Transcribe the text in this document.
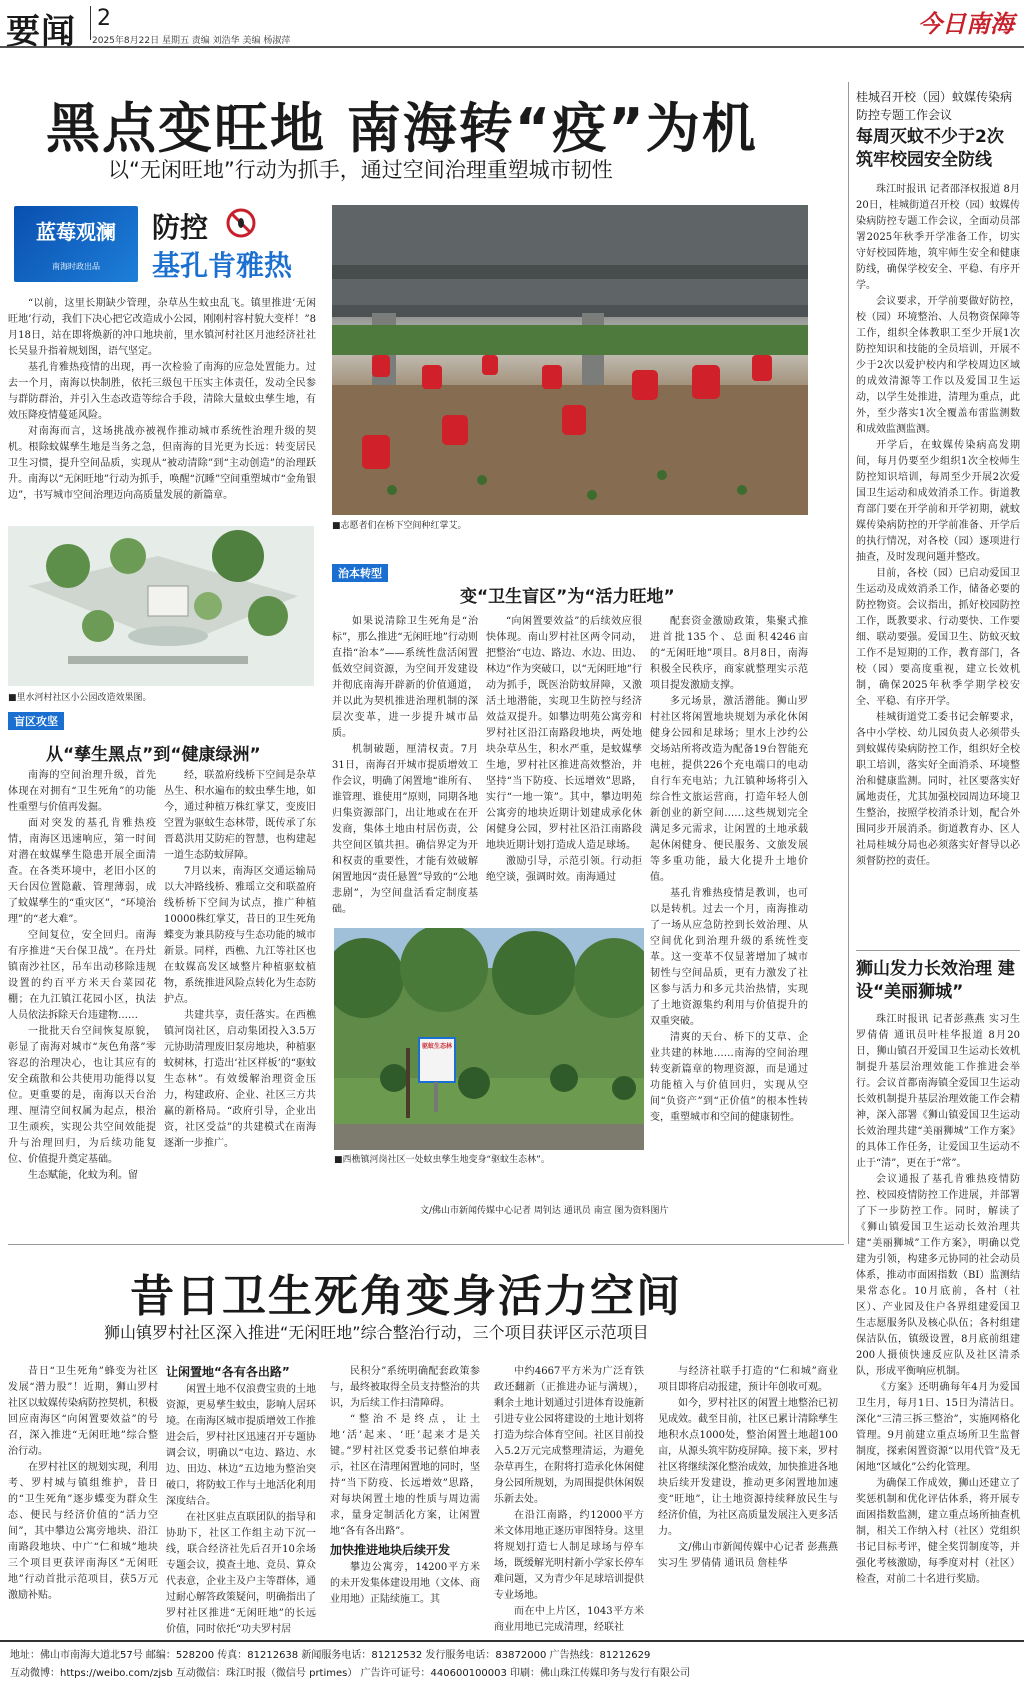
要闻 2
2025年8月22日 星期五 责编 刘浩华 美编 杨淑萍
今日南海
黑点变旺地 南海转“疫”为机
以“无闲旺地”行动为抓手，通过空间治理重塑城市韧性
蓝莓观澜
南海时政出品
防控
基孔肯雅热

“以前，这里长期缺少管理，杂草丛生蚊虫乱飞。镇里推进‘无闲旺地’行动，我们下决心把它改造成小公园，刚刚村容村貌大变样！”8月18日，站在即将焕新的冲口地块前，里水镇河村社区月池经济社社长吴显升指着规划图，语气坚定。

基孔肯雅热疫情的出现，再一次检验了南海的应急处置能力。过去一个月，南海以快制胜，依托三级包干压实主体责任，发动全民参与群防群治，并引入生态改造等综合手段，清除大量蚊虫孳生地，有效压降疫情蔓延风险。

对南海而言，这场挑战亦被视作推动城市系统性治理升级的契机。根除蚊媒孳生地是当务之急，但南海的目光更为长远：转变居民卫生习惯，提升空间品质，实现从“被动清除”到“主动创造”的治理跃升。南海以“无闲旺地”行动为抓手，唤醒“沉睡”空间重塑城市“金角银边”，书写城市空间治理迈向高质量发展的新篇章。

■志愿者们在桥下空间种红掌艾。
■里水河村社区小公园改造效果图。
盲区攻坚
从“孳生黑点”到“健康绿洲”

南海的空间治理升级，首先体现在对拥有“卫生死角”的功能性重塑与价值再发掘。

面对突发的基孔肯雅热疫情，南海区迅速响应，第一时间对潜在蚊媒孳生隐患开展全面清查。在各类环境中，老旧小区的天台因位置隐蔽、管理薄弱，成了蚊媒孳生的“重灾区”，“环境治理”的“老大难”。

空间复位，安全回归。南海有序推进“天台保卫战”。在丹灶镇南沙社区，吊车出动移除违规设置的约百平方米天台菜园花棚；在九江镇江花园小区，执法人员依法拆除天台违建物……

一批批天台空间恢复原貌，彰显了南海对城市“灰色角落”零容忍的治理决心，也让其应有的安全疏散和公共使用功能得以复位。更重要的是，南海以天台治理、厘清空间权属为起点，根治卫生顽疾，实现公共空间效能提升与治理回归，为后续功能复位、价值提升奠定基础。

生态赋能，化蚊为利。留

经，联盈府线桥下空间是杂草丛生、积水遍布的蚊虫孳生地，如今，通过种植万株红掌艾，变废旧空置为驱蚊生态林带，既传承了东晋葛洪用艾防疟的智慧，也构建起一道生态防蚊屏障。

7月以来，南海区交通运输局以大冲路线桥、雅瑶立交和联盈府线桥桥下空间为试点，推广种植10000株红掌艾，昔日的卫生死角蝶变为兼具防疫与生态功能的城市新景。同样，西樵、九江等社区也在蚊媒高发区域整片种植驱蚊植物，系统推进风险点转化为生态防护点。

共建共享，责任落实。在西樵镇河岗社区，启动集团投入3.5万元协助清理废旧泵房地块，种植驱蚊树林，打造出‘社区样板’的“驱蚊生态林”。有效缓解治理资金压力，构建政府、企业、社区三方共赢的新格局。“政府引导，企业出资，社区受益”的共建模式在南海逐渐一步推广。

治本转型
变“卫生盲区”为“活力旺地”

如果说清除卫生死角是“治标”，那么推进“无闲旺地”行动则直指“治本”——系统性盘活闲置低效空间资源，为空间开发建设并彻底南海开辟新的价值通道，并以此为契机推进治理机制的深层次变革，进一步提升城市品质。

机制破题，厘清权责。7月31日，南海召开城市提质增效工作会议，明确了闲置地“谁所有、谁管理、谁使用”原则，同期各地归集资源部门，出让地或在在开发商，集体土地由村居伤责，公共空间区镇共担。确信界定为开和权责的重要性，才能有效破解闲置地因“责任悬置”导致的“公地悲剧”，为空间盘活看定制度基础。

“向闲置要效益”的后续效应很快体现。南山罗村社区两令同动，把整治“屯边、路边、水边、田边、林边”作为突破口，以“无闲旺地”行动为抓手，既医治防蚊屏障，又激活土地潜能，实现卫生防控与经济效益双提升。如攀边明苑公寓旁和罗村社区沿江南路段地块，两处地块杂草丛生，积水严重，是蚊媒孳生地，罗村社区推进高效整治，并坚持“当下防疫、长远增效”思路，实行“一地一策”。其中，攀边明苑公寓旁的地块近期计划建成承化休闲健身公园，罗村社区沿江南路段地块近期计划打造成人造足球场。

激励引导，示范引领。行动拒绝空谈，强调时效。南海通过

配套资金激励政策，集聚式推进首批135个、总面积4246亩的“无闲旺地”项目。8月8日，南海积极全民秩序，商家就整理实示范项目提发激励支撑。

多元场景，激活潜能。狮山罗村社区将闲置地块规划为承化休闲健身公园和足球场；里水上沙约公交场站所将改造为配备19台智能充电桩，提供226个充电端口的电动自行车充电站；九江镇种场将引入综合性文旅运营商，打造年轻人创新创业的新空间……这些规划完全满足多元需求，让闲置的土地承载起休闲健身、便民服务、文旅发展等多重功能，最大化提升土地价值。

基孔肯雅热疫情是教训，也可以是转机。过去一个月，南海推动了一场从应急防控到长效治理、从空间优化到治理升级的系统性变革。这一变革不仅显著增加了城市韧性与空间品质，更有力激发了社区参与活力和多元共治热情，实现了土地资源集约利用与价值提升的双重突破。

清爽的天台、桥下的艾草、企业共建的林地……南海的空间治理转变新篇章的物理资源，而是通过功能植入与价值回归，实现从空间“负资产”到“正价值”的根本性转变，重塑城市和空间的健康韧性。

驱蚊生态林
■西樵镇河岗社区一处蚊虫孳生地变身“驱蚊生态林”。
文/佛山市新闻传媒中心记者 周钊达 通讯员 南宣 图为资料图片
桂城召开校（园）蚊媒传染病防控专题工作会议
每周灭蚊不少于2次 筑牢校园安全防线

珠江时报讯 记者邵泽权报道 8月20日，桂城街道召开校（园）蚊媒传染病防控专题工作会议，全面动员部署2025年秋季开学准备工作，切实守好校园阵地，筑牢师生安全和健康防线，确保学校安全、平稳、有序开学。

会议要求，开学前要做好防控，校（园）环境整治、人员物资保障等工作，组织全体教职工至少开展1次防控知识和技能的全员培训，开展不少于2次以爱护校内和学校周边区域的成效清源等工作以及爱国卫生运动，以学生处推进，清理为重点，此外，至少落实1次全覆盖布雷监测数和成效监测监测。

开学后，在蚊媒传染病高发期间，每月仍要至少组织1次全校师生防控知识培训，每周至少开展2次爱国卫生运动和成效消杀工作。街道教育部门要在开学前和开学初期，就蚊媒传染病防控的开学前准备、开学后的执行情况，对各校（园）逐项进行抽查，及时发现问题并整改。

目前，各校（园）已启动爱国卫生运动及成效消杀工作，储备必要的防控物资。会议指出，抓好校园防控工作，既教要求、行动要快、工作要细、联动要强。爱国卫生、防蚊灭蚊工作不是短期的工作，教育部门，各校（园）要高度重视，建立长效机制，确保2025年秋季学期学校安全、平稳、有序开学。

桂城街道党工委书记会解要求，各中小学校、幼儿园负责人必须带头到蚊媒传染病防控工作，组织好全校职工培训，落实好全面消杀、环境整治和健康监测。同时，社区要落实好属地责任，尤其加强校园周边环境卫生整治，按照学校消杀计划，配合外围同步开展消杀。街道教育办、区人社局桂城分局也必须落实好督导以必须督防控的责任。

狮山发力长效治理 建设“美丽狮城”

珠江时报讯 记者彭燕燕 实习生罗倩倩 通讯员叶桂华报道 8月20日，狮山镇召开爱国卫生运动长效机制提升基层治理效能工作推进会举行。会议首都南海镇全爱国卫生运动长效机制提升基层治理效能工作会精神，深入部署《狮山镇爱国卫生运动长效治理共建“美丽狮城”工作方案》的具体工作任务，让爱国卫生运动不止于“清”，更在于“常”。

会议通报了基孔肯雅热疫情防控、校园疫情防控工作进展，并部署了下一步防控工作。同时，解读了《狮山镇爱国卫生运动长效治理共建“美丽狮城”工作方案》，明确以党建为引领，构建多元协同的社会动员体系，推动市面困指数（BI）监测结果常态化。10月底前，各村（社区）、产业园及住户各界组建爱国卫生志愿服务队及核心队伍；各村组建保洁队伍，镇级设置，8月底前组建200人摄侦快速反应队及社区清杀队，形成平衡响应机制。

《方案》还明确每年4月为爱国卫生月，每月1日、15日为清洁日。深化“三清三拆三整治”，实施网格化管理。9月前建立重点场所卫生监督制度，探索闲置资源“以用代管”及无闲地“区域化”公约化管理。

为确保工作成效，狮山还建立了奖惩机制和优化评估体系，将开展专面困指数监测，建立重点场所抽查机制，相关工作纳入村（社区）党组织书记目标考评，健全奖罚制度等，并强化考核激励，每季度对村（社区）检查，对前二十名进行奖励。

昔日卫生死角变身活力空间
狮山镇罗村社区深入推进“无闲旺地”综合整治行动，三个项目获评区示范项目

昔日“卫生死角”蜂变为社区发展“潜力股”！近期，狮山罗村社区以蚊媒传染病防控契机，积极回应南海区“向闲置要效益”的号召，深入推进“无闲旺地”综合整治行动。

在罗村社区的规划实现，利用考、罗村城与镇组维护，昔日的“卫生死角”逐步蝶变为群众生态、便民与经济价值的“活力空间”，其中攀边公寓旁地块、沿江南路段地块、中广“仁和城”地块三个项目更获评南海区“无闲旺地”行动首批示范项目，获5万元激励补贴。

让闲置地“各有各出路”

闲置土地不仅浪费宝贵的土地资源，更易孳生蚊虫，影响人居环境。在南海区城市提质增效工作推进会后，罗村社区迅速召开专题协调会议，明确以“屯边、路边、水边、田边、林边”五边地为整治突破口，将防蚊工作与土地活化利用深度结合。

在社区驻点直联团队的指导和协助下，社区工作组主动下沉一线，联合经济社先后召开10余场专题会议，摸查土地、竞员、算众代表意，企业主及户主等群体，通过耐心解答政策疑问，明确指出了罗村社区推进“无闲旺地”的长远价值，同时依托“功夫罗村居

民积分”系统明确配套政策参与，最终被取得全员支持整治的共识，为后续工作扫清障碍。

“整治不是终点，让土地‘活’起来、‘旺’起来才是关键。”罗村社区党委书记蔡伯坤表示，社区在清理闲置地的同时，坚持“当下防疫、长远增效”思路，对每块闲置土地的性质与周边需求，量身定制活化方案，让闲置地“各有各出路”。

加快推进地块后续开发

攀边公寓旁，14200平方米的未开发集体建设用地（文体、商业用地）正陆续施工。其

中约4667平方米为广泛育铁政还翻新（正推进办证与满规），剩余土地计划通过引进体育设施新引进专业公园将建设的土地计划将打造为综合体育空间。社区目前投入5.2万元完成整理清运，为避免杂草再生，在附将打造承化休闲健身公园所规划，为周围提供休闲娱乐新去处。

在沿江南路，约12000平方米文体用地正逐历审图特身。这里将规划打造七人制足球场与停车场，既缓解光明村新小学家长停车难问题，又为青少年足球培训提供专业场地。

而在中上片区，1043平方米商业用地已完成清理，经联社

与经济社联手打造的“仁和城”商业项目即将启动报建，预计年创收可观。

如今，罗村社区的闲置土地整治已初见成效。截至目前，社区已累计清除孳生地积水点1000处，整治闲置土地超100亩，从源头筑牢防疫屏障。接下来，罗村社区将继续深化整治成效，加快推进各地块后续开发建设，推动更多闲置地加速变“旺地”，让土地资源持续释放民生与经济价值，为社区高质量发展注入更多活力。

文/佛山市新闻传媒中心记者 彭燕燕 实习生 罗倩倩 通讯员 詹桂华

地址：佛山市南海大道北57号 邮编：528200 传真：81212638 新闻服务电话：81212532 发行服务电话：83872000 广告热线：81212629
互动微博：https://weibo.com/zjsb 互动微信：珠江时报（微信号 prtimes） 广告许可证号：440600100003 印刷：佛山珠江传媒印务与发行有限公司
